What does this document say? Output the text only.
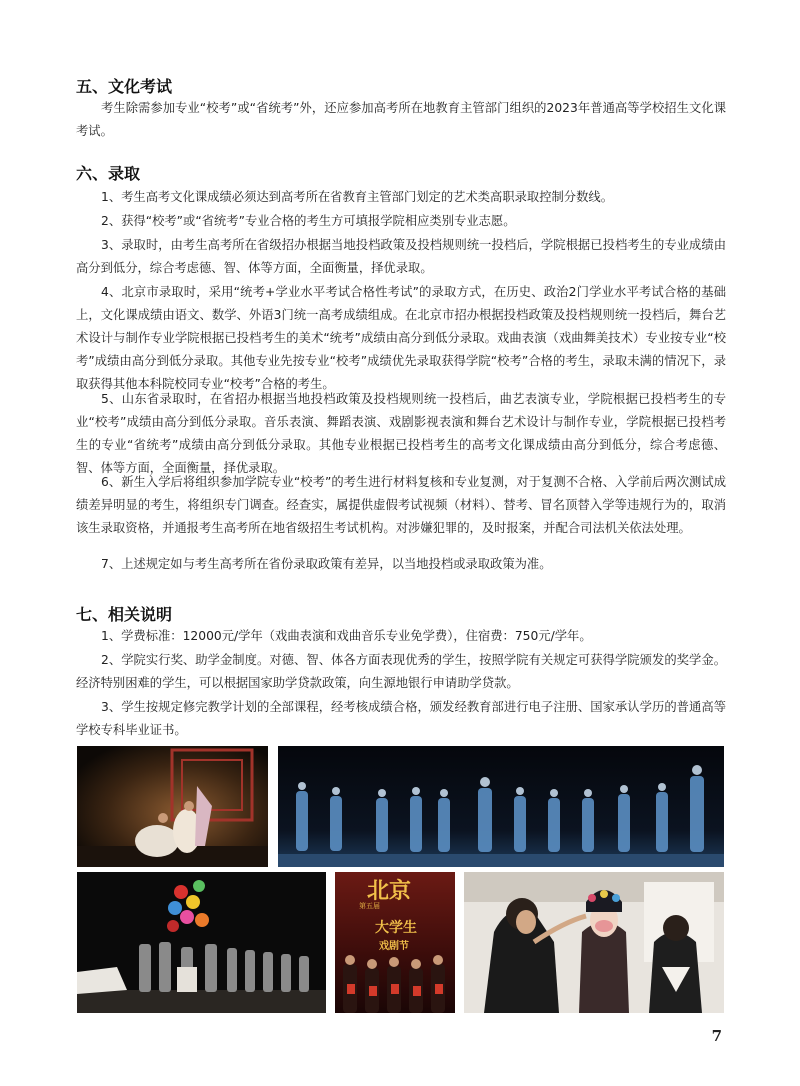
五、文化考试

考生除需参加专业“校考”或“省统考”外，还应参加高考所在地教育主管部门组织的2023年普通高等学校招生文化课考试。

六、录取

1、考生高考文化课成绩必须达到高考所在省教育主管部门划定的艺术类高职录取控制分数线。

2、获得“校考”或“省统考”专业合格的考生方可填报学院相应类别专业志愿。

3、录取时，由考生高考所在省级招办根据当地投档政策及投档规则统一投档后，学院根据已投档考生的专业成绩由高分到低分，综合考虑德、智、体等方面，全面衡量，择优录取。

4、北京市录取时，采用“统考+学业水平考试合格性考试”的录取方式，在历史、政治2门学业水平考试合格的基础上，文化课成绩由语文、数学、外语3门统一高考成绩组成。在北京市招办根据投档政策及投档规则统一投档后，舞台艺术设计与制作专业学院根据已投档考生的美术“统考”成绩由高分到低分录取。戏曲表演（戏曲舞美技术）专业按专业“校考”成绩由高分到低分录取。其他专业先按专业“校考”成绩优先录取获得学院“校考”合格的考生，录取未满的情况下，录取获得其他本科院校同专业“校考”合格的考生。

5、山东省录取时，在省招办根据当地投档政策及投档规则统一投档后，曲艺表演专业，学院根据已投档考生的专业“校考”成绩由高分到低分录取。音乐表演、舞蹈表演、戏剧影视表演和舞台艺术设计与制作专业，学院根据已投档考生的专业“省统考”成绩由高分到低分录取。其他专业根据已投档考生的高考文化课成绩由高分到低分，综合考虑德、智、体等方面，全面衡量，择优录取。

6、新生入学后将组织参加学院专业“校考”的考生进行材料复核和专业复测，对于复测不合格、入学前后两次测试成绩差异明显的考生，将组织专门调查。经查实，属提供虚假考试视频（材料）、替考、冒名顶替入学等违规行为的，取消该生录取资格，并通报考生高考所在地省级招生考试机构。对涉嫌犯罪的，及时报案，并配合司法机关依法处理。

7、上述规定如与考生高考所在省份录取政策有差异，以当地投档或录取政策为准。

七、相关说明

1、学费标准：12000元/学年（戏曲表演和戏曲音乐专业免学费），住宿费：750元/学年。

2、学院实行奖、助学金制度。对德、智、体各方面表现优秀的学生，按照学院有关规定可获得学院颁发的奖学金。经济特别困难的学生，可以根据国家助学贷款政策，向生源地银行申请助学贷款。

3、学生按规定修完教学计划的全部课程，经考核成绩合格，颁发经教育部进行电子注册、国家承认学历的普通高等学校专科毕业证书。

北京
第五届
大学生
戏剧节
7
